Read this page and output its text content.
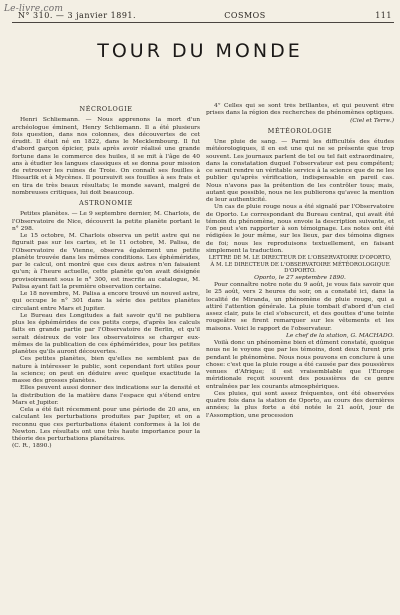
Le-livre.com
N° 310. — 3 janvier 1891.	COSMOS	111
TOUR DU MONDE
NÉCROLOGIE

Henri Schliemann. — Nous apprenons la mort d'un archéologue éminent, Henry Schliemann. Il a été plusieurs fois question, dans nos colonnes, des découvertes de cet érudit. Il était né en 1822, dans le Mecklembourg. Il fut d'abord garçon épicier, puis après avoir réalisé une grande fortune dans le commerce des huiles, il se mit à l'âge de 40 ans à étudier les langues classiques et se donna pour mission de retrouver les ruines de Troie. On connaît ses fouilles à Hissarlik et à Mycènes. Il poursuivit ses fouilles à ses frais et en tira de très beaux résultats; le monde savant, malgré de nombreuses critiques, lui doit beaucoup.

ASTRONOMIE

Petites planètes. — Le 9 septembre dernier, M. Charlois, de l'Observatoire de Nice, découvrit la petite planète portant le n° 298.

Le 15 octobre, M. Charlois observa un petit astre qui ne figurait pas sur les cartes, et le 11 octobre, M. Palisa, de l'Observatoire de Vienne, observa également une petite planète trouvée dans les mêmes conditions. Les éphémérides, par le calcul, ont montré que ces deux astres n'en faisaient qu'un; à l'heure actuelle, cette planète qu'on avait désignée provisoirement sous le n° 300, est inscrite au catalogue, M. Palisa ayant fait la première observation certaine.

Le 18 novembre, M. Palisa a encore trouvé un nouvel astre, qui occupe le n° 301 dans la série des petites planètes circulant entre Mars et Jupiter.

Le Bureau des Longitudes a fait savoir qu'il ne publiera plus les éphémérides de ces petits corps, d'après les calculs faits en grande partie par l'Observatoire de Berlin, et qu'il serait désireux de voir les observatoires se charger eux-mêmes de la publication de ces éphémérides, pour les petites planètes qu'ils auront découvertes.

Ces petites planètes, bien qu'elles ne semblent pas de nature à intéresser le public, sont cependant fort utiles pour la science; on peut en déduire avec quelque exactitude la masse des grosses planètes.

Elles peuvent aussi donner des indications sur la densité et la distribution de la matière dans l'espace qui s'étend entre Mars et Jupiter.

Cela a été fait récemment pour une période de 20 ans, en calculant les perturbations produites par Jupiter, et on a reconnu que ces perturbations étaient conformes à la loi de Newton. Les résultats ont une très haute importance pour la théorie des perturbations planétaires.

(C. R., 1890.)

4° Celles qui se sont très brillantes, et qui peuvent être prises dans la région des recherches de phénomènes optiques.

(Ciel et Terre.)
MÉTÉOROLOGIE

Une pluie de sang. — Parmi les difficultés des études météorologiques, il en est une qui ne se présente que trop souvent. Les journaux parlent de tel ou tel fait extraordinaire, dans la constatation duquel l'observateur est peu compétent; ce serait rendre un véritable service à la science que de ne les publier qu'après vérification, indispensable en pareil cas. Nous n'avons pas la prétention de les contrôler tous; mais, autant que possible, nous ne les publierons qu'avec la mention de leur authenticité.

Un cas de pluie rouge nous a été signalé par l'Observatoire de Oporto. Le correspondant du Bureau central, qui avait été témoin du phénomène, nous envoie la description suivante, et l'on peut s'en rapporter à son témoignage. Les notes ont été rédigées le jour même, sur les lieux, par des témoins dignes de foi; nous les reproduisons textuellement, en faisant simplement la traduction.

LETTRE DE M. LE DIRECTEUR DE L'OBSERVATOIRE D'OPORTO, À M. LE DIRECTEUR DE L'OBSERVATOIRE MÉTÉOROLOGIQUE D'OPORTO.
Oporto, le 27 septembre 1890.

Pour connaître notre note du 9 août, je vous fais savoir que le 25 août, vers 2 heures du soir, on a constaté ici, dans la localité de Miranda, un phénomène de pluie rouge, qui a attiré l'attention générale. La pluie tombait d'abord d'un ciel assez clair, puis le ciel s'obscurcit, et des gouttes d'une teinte rougeâtre se firent remarquer sur les vêtements et les maisons. Voici le rapport de l'observateur.

Le chef de la station, G. MACHADO.

Voilà donc un phénomène bien et dûment constaté, quoique nous ne le voyons que par les témoins, dont deux furent pris pendant le phénomène. Nous nous pouvons en conclure à une chose: c'est que la pluie rouge a été causée par des poussières venues d'Afrique; il est vraisemblable que l'Europe méridionale reçoit souvent des poussières de ce genre entraînées par les courants atmosphériques.

Ces pluies, qui sont assez fréquentes, ont été observées quatre fois dans la station de Oporto, au cours des dernières années; la plus forte a été notée le 21 août, jour de l'Assomption, une procession
